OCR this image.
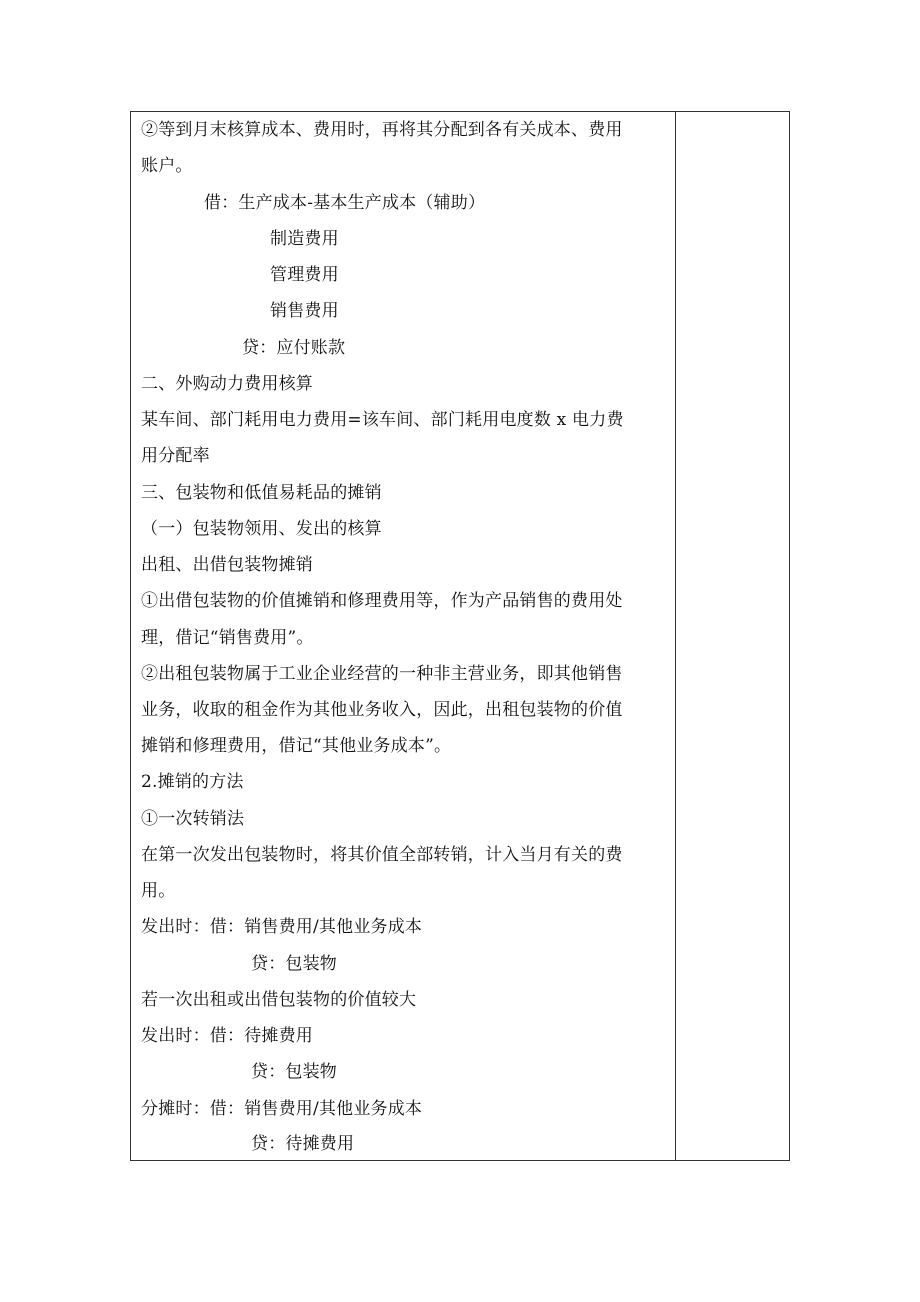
②等到月末核算成本、费用时，再将其分配到各有关成本、费用
账户。
借：生产成本-基本生产成本（辅助）
制造费用
管理费用
销售费用
贷：应付账款
二、外购动力费用核算
某车间、部门耗用电力费用=该车间、部门耗用电度数 x 电力费
用分配率
三、包装物和低值易耗品的摊销
（一）包装物领用、发出的核算
出租、出借包装物摊销
①出借包装物的价值摊销和修理费用等，作为产品销售的费用处
理，借记“销售费用”。
②出租包装物属于工业企业经营的一种非主营业务，即其他销售
业务，收取的租金作为其他业务收入，因此，出租包装物的价值
摊销和修理费用，借记“其他业务成本”。
2.摊销的方法
①一次转销法
在第一次发出包装物时，将其价值全部转销，计入当月有关的费
用。
发出时：借：销售费用/其他业务成本
贷：包装物
若一次出租或出借包装物的价值较大
发出时：借：待摊费用
贷：包装物
分摊时：借：销售费用/其他业务成本
贷：待摊费用
